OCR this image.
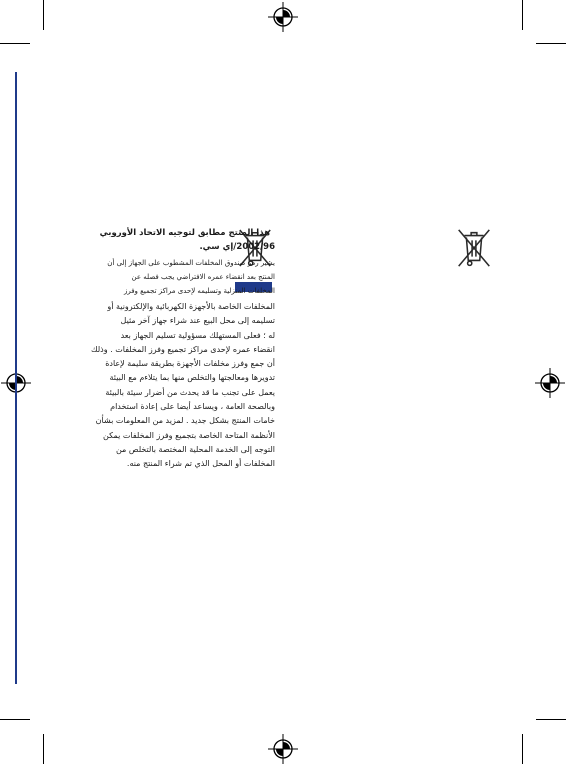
هذا المنتج مطابق لتوجيه الاتحاد الأوروبي

2002/96/إي سي.

يشير رمز صندوق المخلفات المشطوب على الجهاز إلى أن
المنتج بعد انقضاء عمره الافتراضي يجب فصله عن
المخلفات المنزلية وتسليمه لإحدى مراكز تجميع وفرز

المخلفات الخاصة بالأجهزة الكهربائية والإلكترونية أو
تسليمه إلى محل البيع عند شراء جهاز آخر مثيل
له ؛ فعلى المستهلك مسؤولية تسليم الجهاز بعد
انقضاء عمره لإحدى مراكز تجميع وفرز المخلفات . وذلك
أن جمع وفرز مخلفات الأجهزة بطريقة سليمة لإعادة
تدويرها ومعالجتها والتخلص منها بما يتلاءم مع البيئة
يعمل على تجنب ما قد يحدث من أضرار سيئة بالبيئة
وبالصحة العامة ، ويساعد أيضا على إعادة استخدام
خامات المنتج بشكل جديد . لمزيد من المعلومات بشأن
الأنظمة المتاحة الخاصة بتجميع وفرز المخلفات يمكن
التوجه إلى الخدمة المحلية المختصة بالتخلص من
المخلفات أو المحل الذي تم شراء المنتج منه.
